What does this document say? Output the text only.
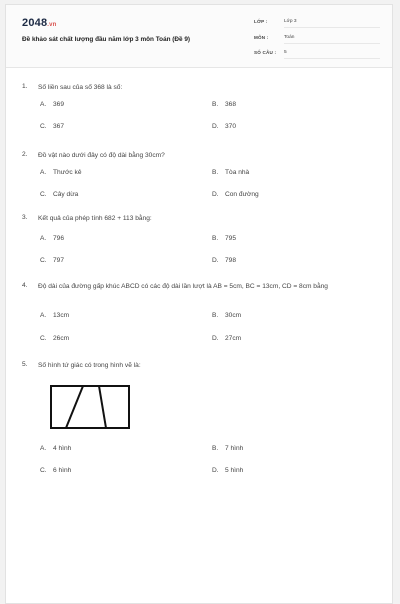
2048.vn
Đề khảo sát chất lượng đầu năm lớp 3 môn Toán (Đề 9)
LỚP :	Lớp 3
MÔN :	Toán
SỐ CÂU : 5
1. Số liền sau của số 368 là số:
A. 369	B. 368
C. 367	D. 370
2. Đồ vật nào dưới đây có độ dài bằng 30cm?
A. Thước kẻ	B. Tòa nhà
C. Cây dừa	D. Con đường
3. Kết quả của phép tính 682 + 113 bằng:
A. 796	B. 795
C. 797	D. 798
4. Độ dài của đường gấp khúc ABCD có các độ dài lần lượt là AB = 5cm, BC = 13cm, CD = 8cm bằng
A. 13cm	B. 30cm
C. 26cm	D. 27cm
5. Số hình tứ giác có trong hình vẽ là:
A. 4 hình	B. 7 hình
C. 6 hình	D. 5 hình
